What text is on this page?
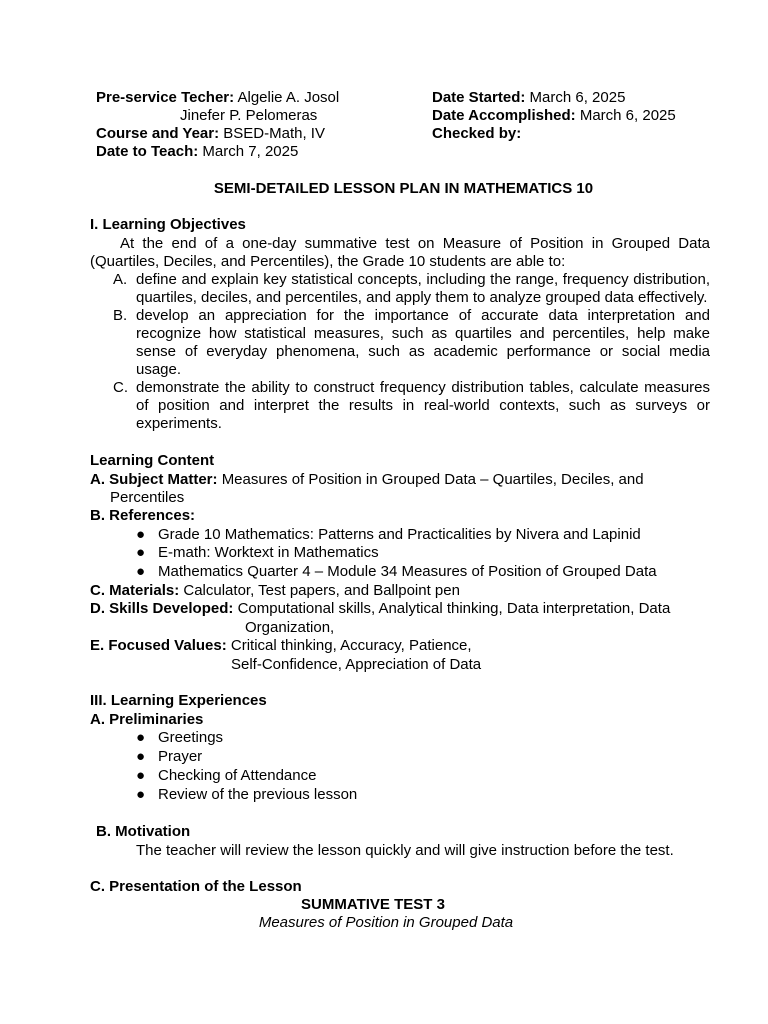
Pre-service Techer: Algelie A. Josol
Jinefer P. Pelomeras
Course and Year: BSED-Math, IV
Date to Teach: March 7, 2025
Date Started: March 6, 2025
Date Accomplished: March 6, 2025
Checked by:
SEMI-DETAILED LESSON PLAN IN MATHEMATICS 10
I. Learning Objectives
At the end of a one-day summative test on Measure of Position in Grouped Data
(Quartiles, Deciles, and Percentiles), the Grade 10 students are able to:
A. define and explain key statistical concepts, including the range, frequency distribution,
quartiles, deciles, and percentiles, and apply them to analyze grouped data effectively.
B. develop an appreciation for the importance of accurate data interpretation and
recognize how statistical measures, such as quartiles and percentiles, help make
sense of everyday phenomena, such as academic performance or social media
usage.
C. demonstrate the ability to construct frequency distribution tables, calculate measures
of position and interpret the results in real-world contexts, such as surveys or
experiments.
Learning Content
A. Subject Matter: Measures of Position in Grouped Data – Quartiles, Deciles, and
Percentiles
B. References:
● Grade 10 Mathematics: Patterns and Practicalities by Nivera and Lapinid
● E-math: Worktext in Mathematics
● Mathematics Quarter 4 – Module 34 Measures of Position of Grouped Data
C. Materials: Calculator, Test papers, and Ballpoint pen
D. Skills Developed: Computational skills, Analytical thinking, Data interpretation, Data
Organization,
E. Focused Values: Critical thinking, Accuracy, Patience,
Self-Confidence, Appreciation of Data
III. Learning Experiences
A. Preliminaries
● Greetings
● Prayer
● Checking of Attendance
● Review of the previous lesson
B. Motivation
The teacher will review the lesson quickly and will give instruction before the test.
C. Presentation of the Lesson
SUMMATIVE TEST 3
Measures of Position in Grouped Data
